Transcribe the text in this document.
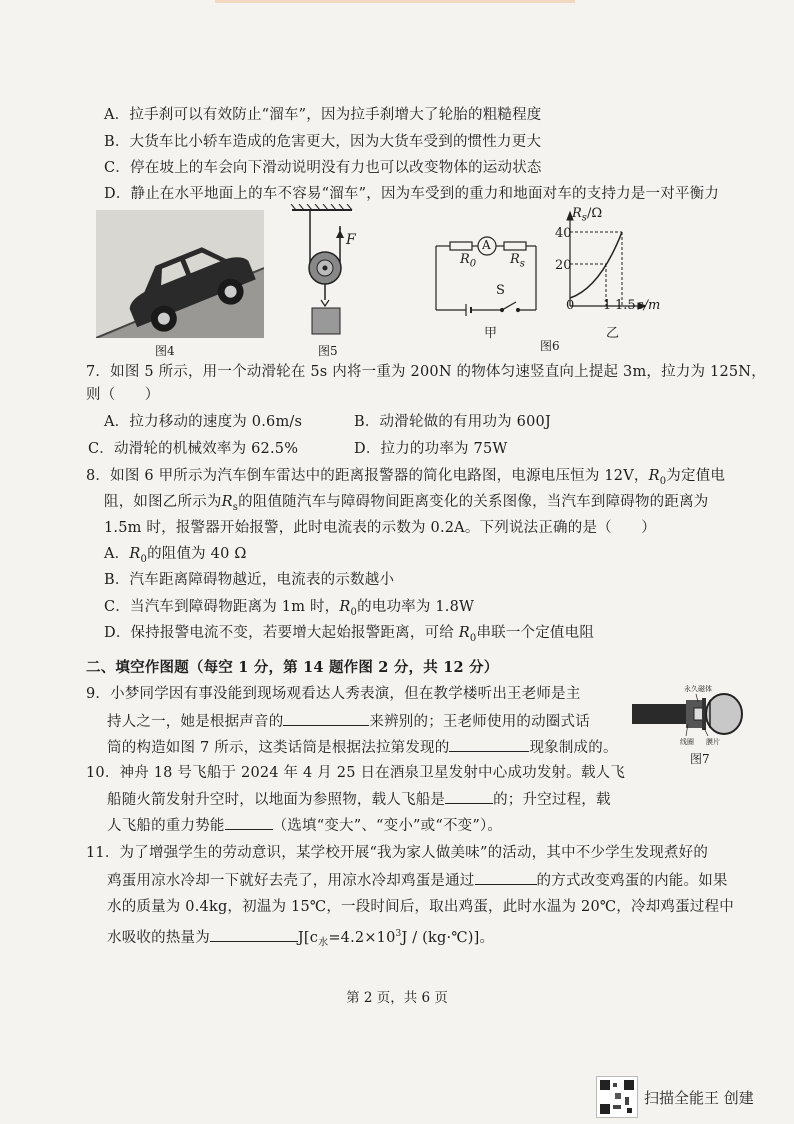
A．拉手刹可以有效防止“溜车”，因为拉手刹增大了轮胎的粗糙程度
B．大货车比小轿车造成的危害更大，因为大货车受到的惯性力更大
C．停在坡上的车会向下滑动说明没有力也可以改变物体的运动状态
D．静止在水平地面上的车不容易“溜车”，因为车受到的重力和地面对车的支持力是一对平衡力
图4
F
图5
A
$R_0$	$R_s$
S
甲
图6
$R_s/\Omega$
40
20
0 1 1.5 s/m
乙
7．如图 5 所示，用一个动滑轮在 5s 内将一重为 200N 的物体匀速竖直向上提起 3m，拉力为 125N，
则（　　）
A．拉力移动的速度为 0.6m/s	B．动滑轮做的有用功为 600J
C．动滑轮的机械效率为 62.5%	D．拉力的功率为 75W
8．如图 6 甲所示为汽车倒车雷达中的距离报警器的简化电路图，电源电压恒为 12V，$R_0$为定值电
阻，如图乙所示为$R_s$的阻值随汽车与障碍物间距离变化的关系图像，当汽车到障碍物的距离为
1.5m 时，报警器开始报警，此时电流表的示数为 0.2A。下列说法正确的是（　　）
A．$R_0$的阻值为 40 Ω
B．汽车距离障碍物越近，电流表的示数越小
C．当汽车到障碍物距离为 1m 时，$R_0$的电功率为 1.8W
D．保持报警电流不变，若要增大起始报警距离，可给 $R_0$串联一个定值电阻
二、填空作图题（每空 1 分，第 14 题作图 2 分，共 12 分）
9．小梦同学因有事没能到现场观看达人秀表演，但在教学楼听出王老师是主
持人之一，她是根据声音的	来辨别的；王老师使用的动圈式话
筒的构造如图 7 所示，这类话筒是根据法拉第发现的	现象制成的。
永久磁体
线圈 膜片
图7
10．神舟 18 号飞船于 2024 年 4 月 25 日在酒泉卫星发射中心成功发射。载人飞
船随火箭发射升空时，以地面为参照物，载人飞船是	的；升空过程，载
人飞船的重力势能	（选填“变大”、“变小”或“不变”）。
11．为了增强学生的劳动意识，某学校开展“我为家人做美味”的活动，其中不少学生发现煮好的
鸡蛋用凉水冷却一下就好去壳了，用凉水冷却鸡蛋是通过	的方式改变鸡蛋的内能。如果
水的质量为 0.4kg，初温为 15℃，一段时间后，取出鸡蛋，此时水温为 20℃，冷却鸡蛋过程中
水吸收的热量为	$J[c_水=4.2\times 10^3J$ / (kg·℃)]。
第 2 页，共 6 页
扫描全能王 创建
